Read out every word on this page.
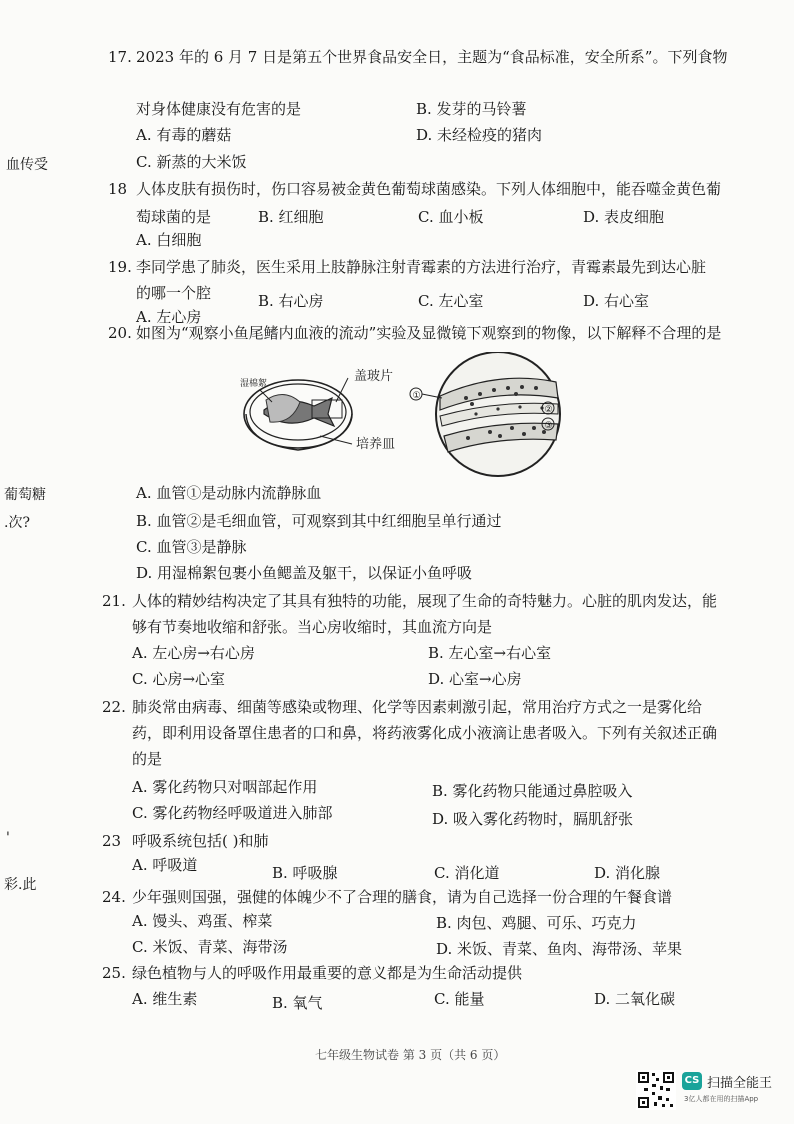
血传受
葡萄糖
.次?
'
彩.此
17. 2023 年的 6 月 7 日是第五个世界食品安全日，主题为“食品标准，安全所系”。下列食物
对身体健康没有危害的是
A. 有毒的蘑菇
B. 发芽的马铃薯
C. 新蒸的大米饭
D. 未经检疫的猪肉
18 人体皮肤有损伤时，伤口容易被金黄色葡萄球菌感染。下列人体细胞中，能吞噬金黄色葡
萄球菌的是
A. 白细胞
B. 红细胞	C. 血小板	D. 表皮细胞
19. 李同学患了肺炎，医生采用上肢静脉注射青霉素的方法进行治疗，青霉素最先到达心脏
的哪一个腔
A. 左心房
B. 右心房	C. 左心室	D. 右心室
20. 如图为“观察小鱼尾鳍内血液的流动”实验及显微镜下观察到的物像，以下解释不合理的是
湿棉絮	盖玻片
培养皿
①
②
③
A. 血管①是动脉内流静脉血
B. 血管②是毛细血管，可观察到其中红细胞呈单行通过
C. 血管③是静脉
D. 用湿棉絮包裹小鱼鳃盖及躯干，以保证小鱼呼吸
21. 人体的精妙结构决定了其具有独特的功能，展现了生命的奇特魅力。心脏的肌肉发达，能
够有节奏地收缩和舒张。当心房收缩时，其血流方向是
A. 左心房→右心房	B. 左心室→右心室
C. 心房→心室	D. 心室→心房
22. 肺炎常由病毒、细菌等感染或物理、化学等因素刺激引起，常用治疗方式之一是雾化给
药，即利用设备罩住患者的口和鼻，将药液雾化成小液滴让患者吸入。下列有关叙述正确
的是
A. 雾化药物只对咽部起作用	B. 雾化药物只能通过鼻腔吸入
C. 雾化药物经呼吸道进入肺部	D. 吸入雾化药物时，膈肌舒张
23 呼吸系统包括( )和肺
A. 呼吸道	B. 呼吸腺	C. 消化道	D. 消化腺
24. 少年强则国强，强健的体魄少不了合理的膳食，请为自己选择一份合理的午餐食谱
A. 馒头、鸡蛋、榨菜	B. 肉包、鸡腿、可乐、巧克力
C. 米饭、青菜、海带汤	D. 米饭、青菜、鱼肉、海带汤、苹果
25. 绿色植物与人的呼吸作用最重要的意义都是为生命活动提供
A. 维生素	B. 氧气	C. 能量	D. 二氧化碳
七年级生物试卷 第 3 页（共 6 页）
CS 扫描全能王
3亿人都在用的扫描App
